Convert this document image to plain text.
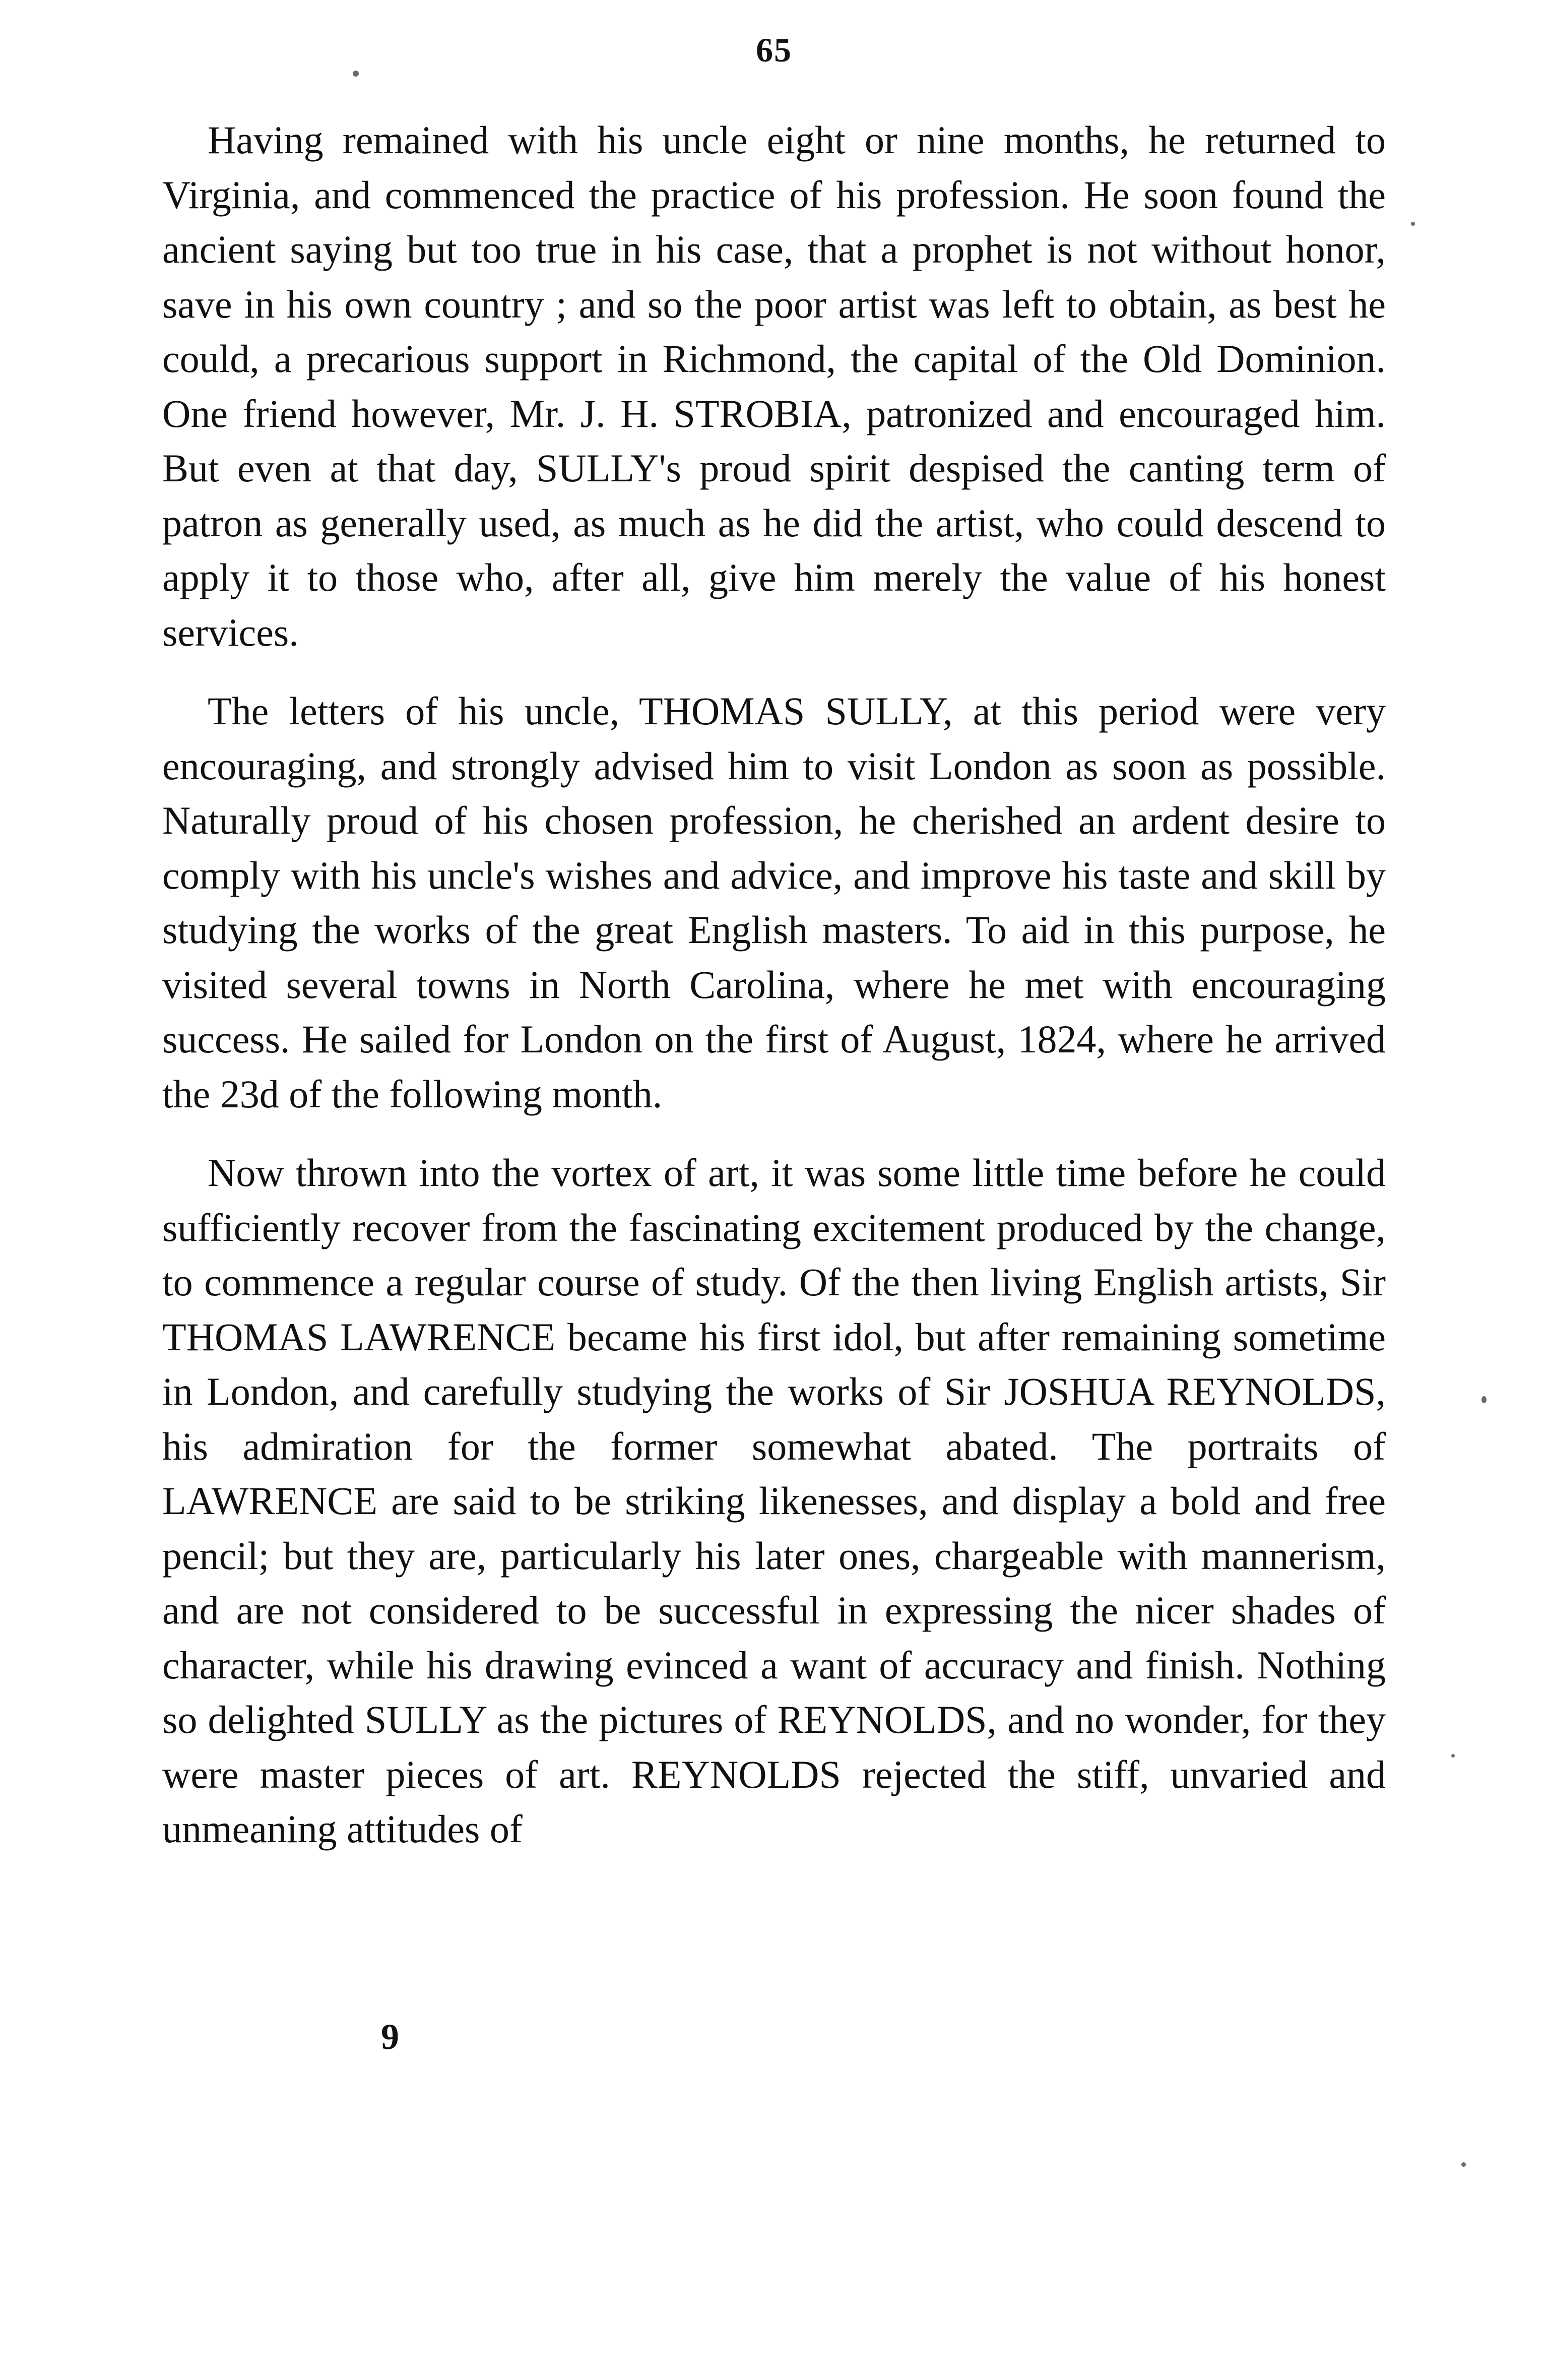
65

Having remained with his uncle eight or nine months, he returned to Virginia, and commenced the practice of his profession. He soon found the ancient saying but too true in his case, that a prophet is not without honor, save in his own country ; and so the poor artist was left to obtain, as best he could, a precarious support in Richmond, the capital of the Old Dominion. One friend however, Mr. J. H. STROBIA, patronized and encouraged him. But even at that day, SULLY's proud spirit despised the canting term of patron as generally used, as much as he did the artist, who could descend to apply it to those who, after all, give him merely the value of his honest services.

The letters of his uncle, THOMAS SULLY, at this period were very encouraging, and strongly advised him to visit London as soon as possible. Naturally proud of his chosen profession, he cherished an ardent desire to comply with his uncle's wishes and advice, and improve his taste and skill by studying the works of the great English masters. To aid in this purpose, he visited several towns in North Carolina, where he met with encouraging success. He sailed for London on the first of August, 1824, where he arrived the 23d of the following month.

Now thrown into the vortex of art, it was some little time before he could sufficiently recover from the fascinating excitement produced by the change, to commence a regular course of study. Of the then living English artists, Sir THOMAS LAWRENCE became his first idol, but after remaining sometime in London, and carefully studying the works of Sir JOSHUA REYNOLDS, his admiration for the former somewhat abated. The portraits of LAWRENCE are said to be striking likenesses, and display a bold and free pencil; but they are, particularly his later ones, chargeable with mannerism, and are not considered to be successful in expressing the nicer shades of character, while his drawing evinced a want of accuracy and finish. Nothing so delighted SULLY as the pictures of REYNOLDS, and no wonder, for they were master pieces of art. REYNOLDS rejected the stiff, unvaried and unmeaning attitudes of

9
